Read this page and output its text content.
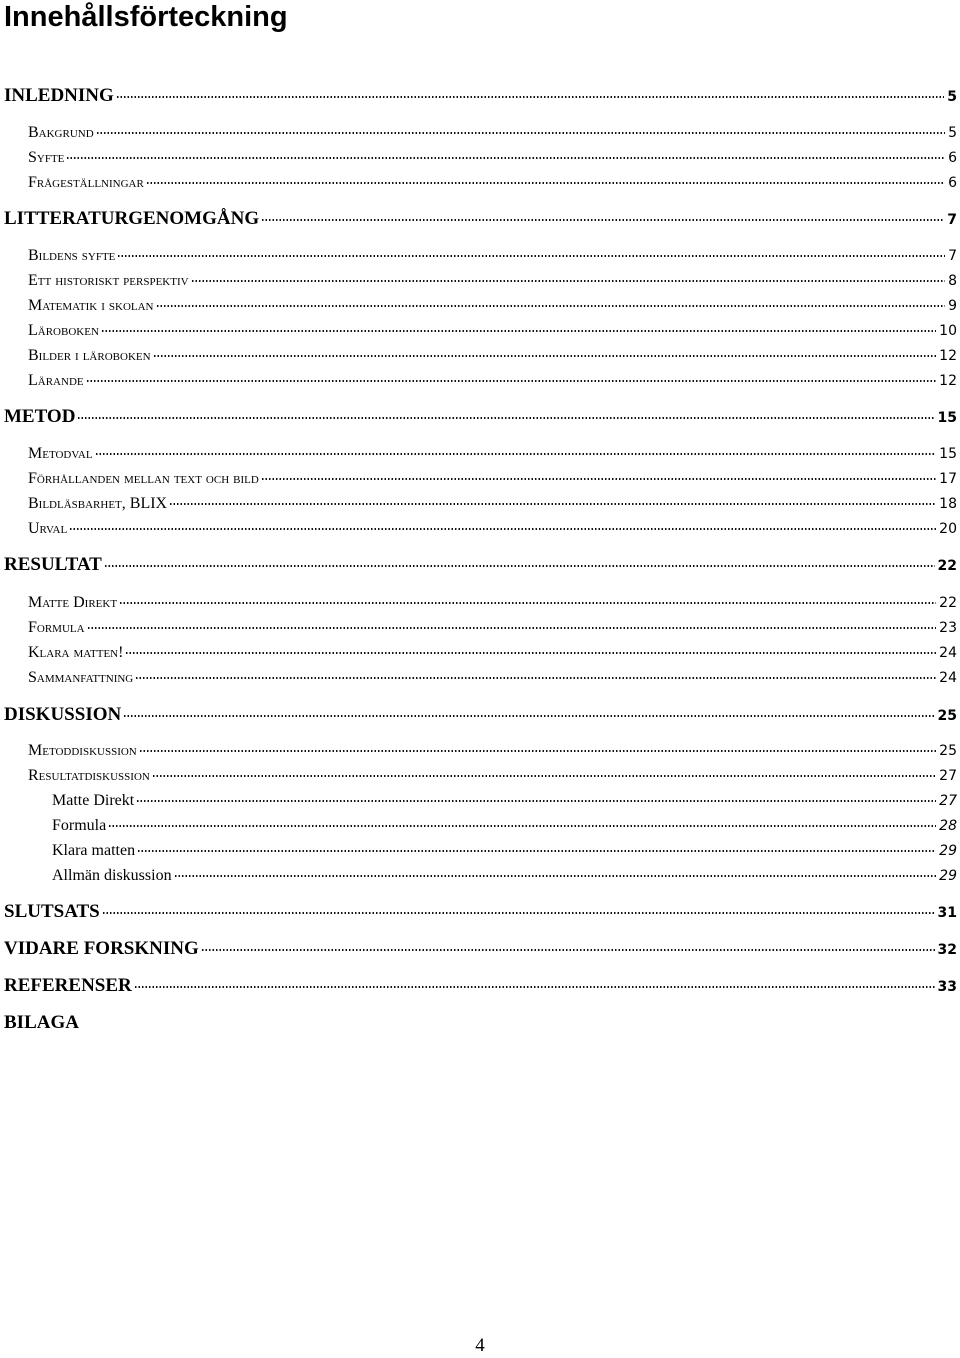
Innehållsförteckning
INLEDNING	5
Bakgrund	5
Syfte	6
Frågeställningar	6
LITTERATURGENOMGÅNG	7
Bildens syfte	7
Ett historiskt perspektiv	8
Matematik i skolan	9
Läroboken	10
Bilder i läroboken	12
Lärande	12
METOD	15
Metodval	15
Förhållanden mellan text och bild	17
Bildläsbarhet, BLIX	18
Urval	20
RESULTAT	22
Matte Direkt	22
Formula	23
Klara matten!	24
Sammanfattning	24
DISKUSSION	25
Metoddiskussion	25
Resultatdiskussion	27
Matte Direkt	27
Formula	28
Klara matten	29
Allmän diskussion	29
SLUTSATS	31
VIDARE FORSKNING	32
REFERENSER	33
BILAGA
4
